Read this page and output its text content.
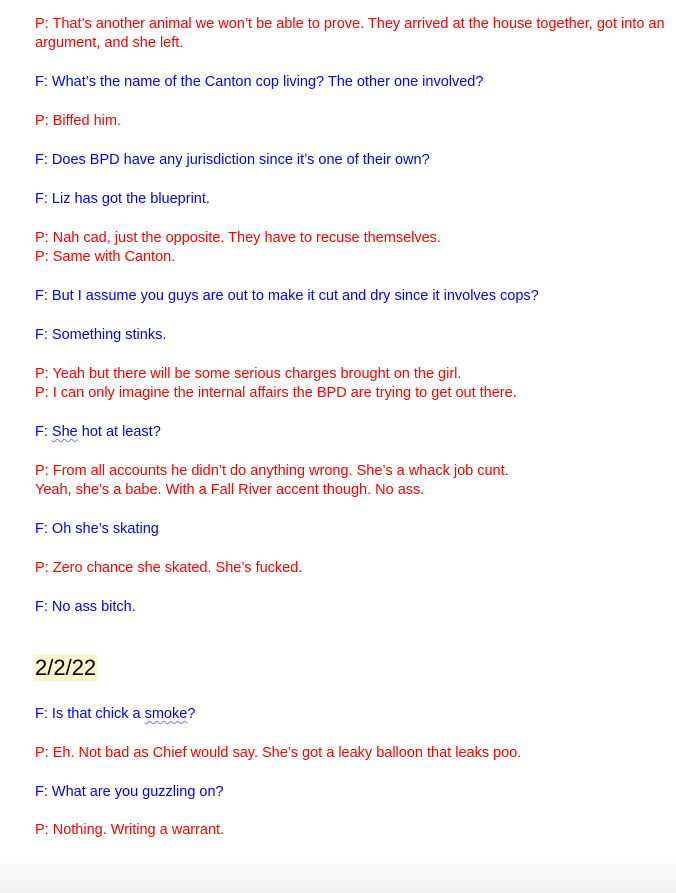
P: That’s another animal we won’t be able to prove. They arrived at the house together, got into an argument, and she left.
F: What’s the name of the Canton cop living? The other one involved?
P: Biffed him.
F: Does BPD have any jurisdiction since it’s one of their own?
F: Liz has got the blueprint.
P: Nah cad, just the opposite. They have to recuse themselves.
P: Same with Canton.
F: But I assume you guys are out to make it cut and dry since it involves cops?
F: Something stinks.
P: Yeah but there will be some serious charges brought on the girl.
P: I can only imagine the internal affairs the BPD are trying to get out there.
F: She hot at least?
P: From all accounts he didn’t do anything wrong. She’s a whack job cunt.
Yeah, she’s a babe. With a Fall River accent though. No ass.
F: Oh she’s skating
P: Zero chance she skated. She’s fucked.
F: No ass bitch.
2/2/22
F: Is that chick a smoke?
P: Eh. Not bad as Chief would say. She’s got a leaky balloon that leaks poo.
F: What are you guzzling on?
P: Nothing. Writing a warrant.
